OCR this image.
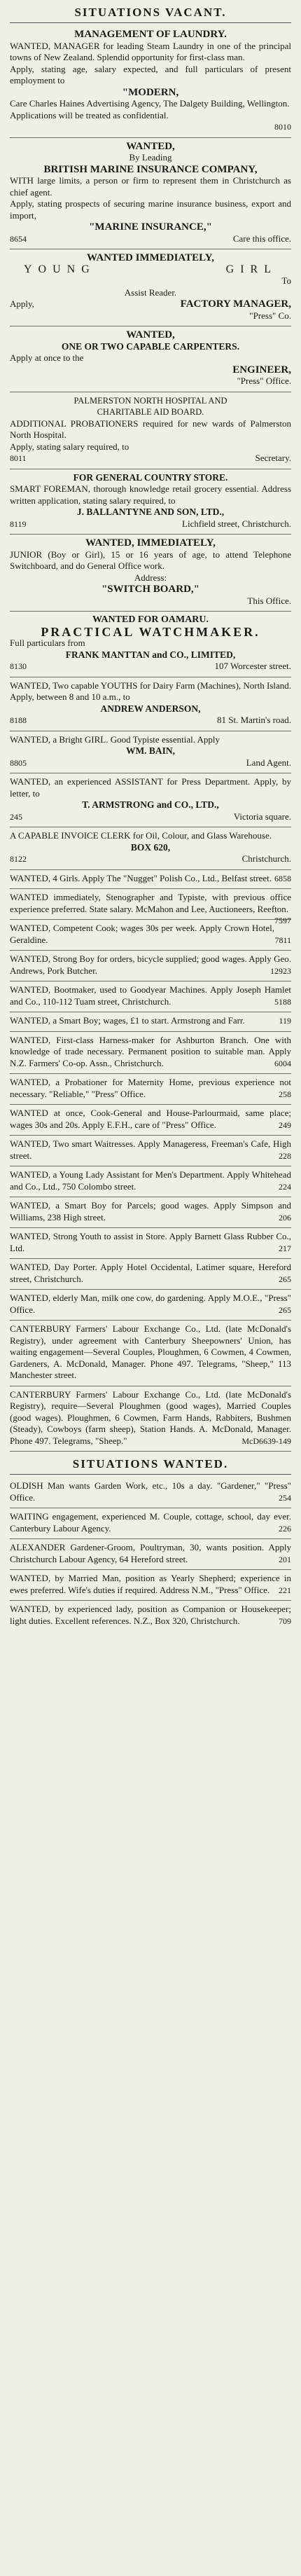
SITUATIONS VACANT.

MANAGEMENT OF LAUNDRY.

WANTED, MANAGER for leading Steam Laundry in one of the principal towns of New Zealand. Splendid opportunity for first-class man.

Apply, stating age, salary expected, and full particulars of present employment to

"MODERN,

Care Charles Haines Advertising Agency, The Dalgety Building, Wellington.

Applications will be treated as confidential.

8010

WANTED,

By Leading

BRITISH MARINE INSURANCE COMPANY,

WITH large limits, a person or firm to represent them in Christchurch as chief agent.

Apply, stating prospects of securing marine insurance business, export and import,

"MARINE INSURANCE,"

8654	Care this office.

WANTED IMMEDIATELY,

YOUNG	GIRL

To

Assist Reader.

Apply,	FACTORY MANAGER,

"Press" Co.

WANTED,

ONE OR TWO CAPABLE CARPENTERS.

Apply at once to the

ENGINEER,

"Press" Office.

PALMERSTON NORTH HOSPITAL AND

CHARITABLE AID BOARD.

ADDITIONAL PROBATIONERS required for new wards of Palmerston North Hospital.

Apply, stating salary required, to

8011	Secretary.

FOR GENERAL COUNTRY STORE.

SMART FOREMAN, thorough knowledge retail grocery essential. Address written application, stating salary required, to

J. BALLANTYNE AND SON, LTD.,

8119	Lichfield street, Christchurch.

WANTED, IMMEDIATELY,

JUNIOR (Boy or Girl), 15 or 16 years of age, to attend Telephone Switchboard, and do General Office work.

Address:

"SWITCH BOARD,"

This Office.

WANTED FOR OAMARU.

PRACTICAL WATCHMAKER.

Full particulars from

FRANK MANTTAN and CO., LIMITED,

8130	107 Worcester street.

WANTED, Two capable YOUTHS for Dairy Farm (Machines), North Island. Apply, between 8 and 10 a.m., to

ANDREW ANDERSON,

8188	81 St. Martin's road.

WANTED, a Bright GIRL. Good Typiste essential. Apply

WM. BAIN,

8805	Land Agent.

WANTED, an experienced ASSISTANT for Press Department. Apply, by letter, to

T. ARMSTRONG and CO., LTD.,

245	Victoria square.

A CAPABLE INVOICE CLERK for Oil, Colour, and Glass Warehouse.

BOX 620,

8122	Christchurch.

WANTED, 4 Girls. Apply The "Nugget" Polish Co., Ltd., Belfast street. 6858

WANTED immediately, Stenographer and Typiste, with previous office experience preferred. State salary. McMahon and Lee, Auctioneers, Reefton.
7597

WANTED, Competent Cook; wages 30s per week. Apply Crown Hotel, Geraldine.	7811

WANTED, Strong Boy for orders, bicycle supplied; good wages. Apply Geo. Andrews, Pork Butcher.	12923

WANTED, Bootmaker, used to Goodyear Machines. Apply Joseph Hamlet and Co., 110-112 Tuam street, Christchurch.	5188

WANTED, a Smart Boy; wages, £1 to start. Armstrong and Farr.	119

WANTED, First-class Harness-maker for Ashburton Branch. One with knowledge of trade necessary. Permanent position to suitable man. Apply N.Z. Farmers' Co-op. Assn., Christchurch.	6004

WANTED, a Probationer for Maternity Home, previous experience not necessary. "Reliable," "Press" Office.	258

WANTED at once, Cook-General and House-Parlourmaid, same place; wages 30s and 20s. Apply E.F.H., care of "Press" Office.	249

WANTED, Two smart Waitresses. Apply Manageress, Freeman's Cafe, High street.	228

WANTED, a Young Lady Assistant for Men's Department. Apply Whitehead and Co., Ltd., 750 Colombo street.	224

WANTED, a Smart Boy for Parcels; good wages. Apply Simpson and Williams, 238 High street.	206

WANTED, Strong Youth to assist in Store. Apply Barnett Glass Rubber Co., Ltd.	217

WANTED, Day Porter. Apply Hotel Occidental, Latimer square, Hereford street, Christchurch.	265

WANTED, elderly Man, milk one cow, do gardening. Apply M.O.E., "Press" Office.	265

CANTERBURY Farmers' Labour Exchange Co., Ltd. (late McDonald's Registry), under agreement with Canterbury Sheepowners' Union, has waiting engagement—Several Couples, Ploughmen, 6 Cowmen, 4 Cowmen, Gardeners, A. McDonald, Manager. Phone 497. Telegrams, "Sheep," 113 Manchester street.

CANTERBURY Farmers' Labour Exchange Co., Ltd. (late McDonald's Registry), require—Several Ploughmen (good wages), Married Couples (good wages). Ploughmen, 6 Cowmen, Farm Hands, Rabbiters, Bushmen (Steady), Cowboys (farm sheep), Station Hands. A. McDonald, Manager. Phone 497. Telegrams, "Sheep."	McD6639-149

SITUATIONS WANTED.

OLDISH Man wants Garden Work, etc., 10s a day. "Gardener," "Press" Office.	254

WAITING engagement, experienced M. Couple, cottage, school, day ever. Canterbury Labour Agency.	226

ALEXANDER Gardener-Groom, Poultryman, 30, wants position. Apply Christchurch Labour Agency, 64 Hereford street.	201

WANTED, by Married Man, position as Yearly Shepherd; experience in ewes preferred. Wife's duties if required. Address N.M., "Press" Office. 221

WANTED, by experienced lady, position as Companion or Housekeeper; light duties. Excellent references. N.Z., Box 320, Christchurch.	709
